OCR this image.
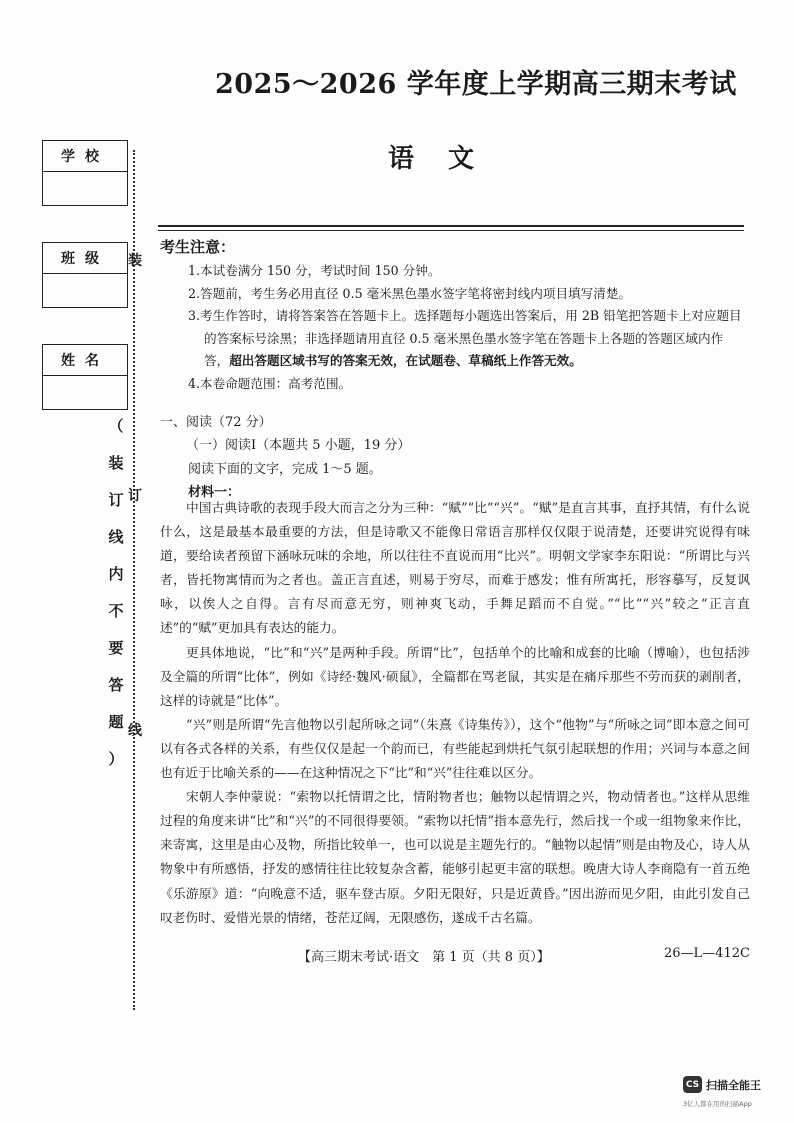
2025～2026 学年度上学期高三期末考试
语文
学校
班级
姓名
装
订
线
（
装
订
线
内
不
要
答
题
）
考生注意：

1.本试卷满分 150 分，考试时间 150 分钟。

2.答题前，考生务必用直径 0.5 毫米黑色墨水签字笔将密封线内项目填写清楚。

3.考生作答时，请将答案答在答题卡上。选择题每小题选出答案后，用 2B 铅笔把答题卡上对应题目的答案标号涂黑；非选择题请用直径 0.5 毫米黑色墨水签字笔在答题卡上各题的答题区域内作答，超出答题区域书写的答案无效，在试题卷、草稿纸上作答无效。

4.本卷命题范围：高考范围。

一、阅读（72 分）
（一）阅读Ⅰ（本题共 5 小题，19 分）
阅读下面的文字，完成 1～5 题。
材料一：

中国古典诗歌的表现手段大而言之分为三种：“赋”“比”“兴”。“赋”是直言其事，直抒其情，有什么说什么，这是最基本最重要的方法，但是诗歌又不能像日常语言那样仅仅限于说清楚，还要讲究说得有味道，要给读者预留下涵咏玩味的余地，所以往往不直说而用“比兴”。明朝文学家李东阳说：“所谓比与兴者，皆托物寓情而为之者也。盖正言直述，则易于穷尽，而难于感发；惟有所寓托，形容摹写，反复讽咏，以俟人之自得。言有尽而意无穷，则神爽飞动，手舞足蹈而不自觉。”“比”“兴”较之“正言直述”的“赋”更加具有表达的能力。

更具体地说，“比”和“兴”是两种手段。所谓“比”，包括单个的比喻和成套的比喻（博喻），也包括涉及全篇的所谓“比体”，例如《诗经·魏风·硕鼠》，全篇都在骂老鼠，其实是在痛斥那些不劳而获的剥削者，这样的诗就是“比体”。

“兴”则是所谓“先言他物以引起所咏之词”（朱熹《诗集传》），这个“他物”与“所咏之词”即本意之间可以有各式各样的关系，有些仅仅是起一个韵而已，有些能起到烘托气氛引起联想的作用；兴词与本意之间也有近于比喻关系的——在这种情况之下“比”和“兴”往往难以区分。

宋朝人李仲蒙说：“索物以托情谓之比，情附物者也；触物以起情谓之兴，物动情者也。”这样从思维过程的角度来讲“比”和“兴”的不同很得要领。“索物以托情”指本意先行，然后找一个或一组物象来作比，来寄寓，这里是由心及物，所指比较单一，也可以说是主题先行的。“触物以起情”则是由物及心，诗人从物象中有所感悟，抒发的感情往往比较复杂含蓄，能够引起更丰富的联想。晚唐大诗人李商隐有一首五绝《乐游原》道：“向晚意不适，驱车登古原。夕阳无限好，只是近黄昏。”因出游而见夕阳，由此引发自己叹老伤时、爱惜光景的情绪，苍茫辽阔，无限感伤，遂成千古名篇。

【高三期末考试·语文　第 1 页（共 8 页）】	26—L—412C
CS 扫描全能王
3亿人都在用的扫描App
